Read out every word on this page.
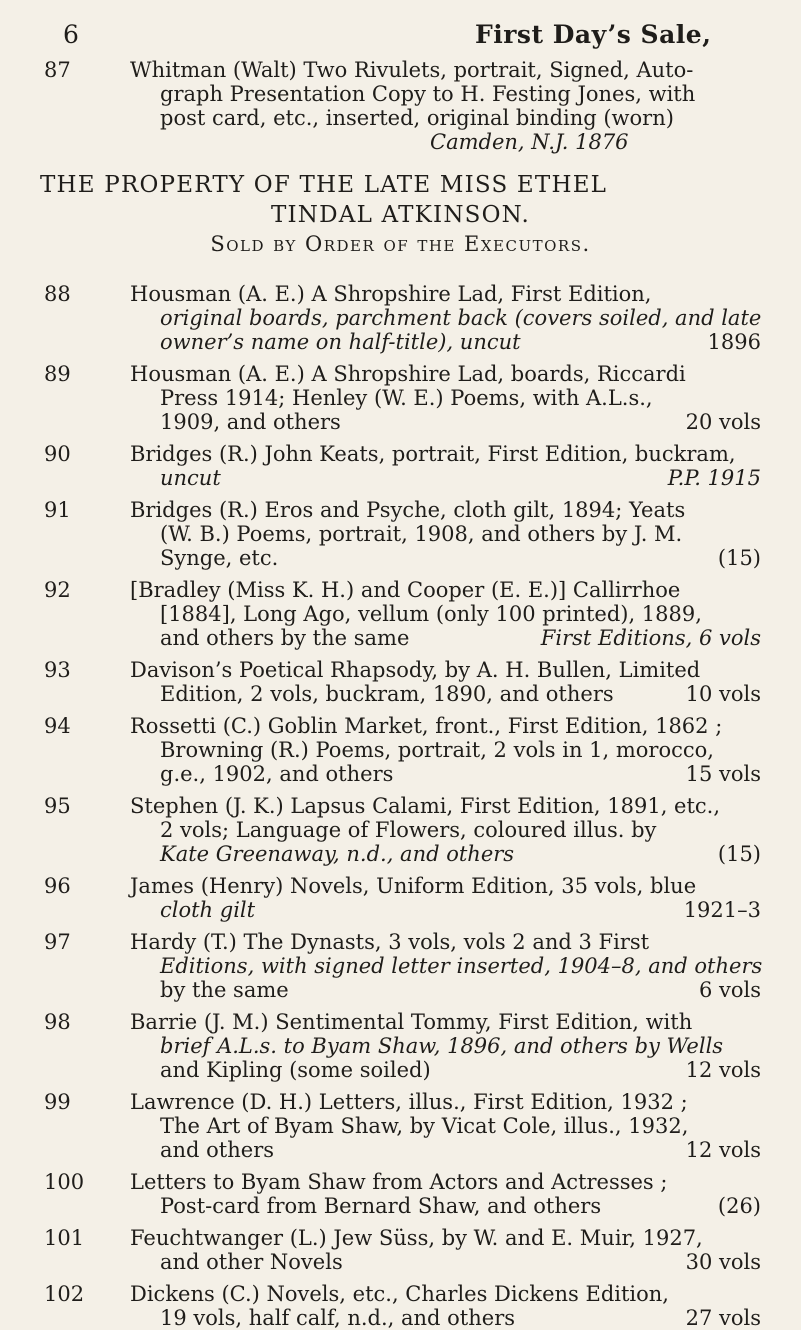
6	First Day’s Sale,
THE PROPERTY OF THE LATE MISS ETHEL
TINDAL ATKINSON.
Sold by Order of the Executors.
87	Whitman (Walt) Two Rivulets, portrait, Signed, Auto-
graph Presentation Copy to H. Festing Jones, with
post card, etc., inserted, original binding (worn)
Camden, N.J. 1876
88	Housman (A. E.) A Shropshire Lad, First Edition,
original boards, parchment back (covers soiled, and late
owner’s name on half-title), uncut	1896
89	Housman (A. E.) A Shropshire Lad, boards, Riccardi
Press 1914; Henley (W. E.) Poems, with A.L.s.,
1909, and others	20 vols
90	Bridges (R.) John Keats, portrait, First Edition, buckram,
uncut	P.P. 1915
91	Bridges (R.) Eros and Psyche, cloth gilt, 1894; Yeats
(W. B.) Poems, portrait, 1908, and others by J. M.
Synge, etc.	(15)
92	[Bradley (Miss K. H.) and Cooper (E. E.)] Callirrhoe
[1884], Long Ago, vellum (only 100 printed), 1889,
and others by the same	First Editions, 6 vols
93	Davison’s Poetical Rhapsody, by A. H. Bullen, Limited
Edition, 2 vols, buckram, 1890, and others	10 vols
94	Rossetti (C.) Goblin Market, front., First Edition, 1862 ;
Browning (R.) Poems, portrait, 2 vols in 1, morocco,
g.e., 1902, and others	15 vols
95	Stephen (J. K.) Lapsus Calami, First Edition, 1891, etc.,
2 vols; Language of Flowers, coloured illus. by
Kate Greenaway, n.d., and others	(15)
96	James (Henry) Novels, Uniform Edition, 35 vols, blue
cloth gilt	1921–3
97	Hardy (T.) The Dynasts, 3 vols, vols 2 and 3 First
Editions, with signed letter inserted, 1904–8, and others
by the same	6 vols
98	Barrie (J. M.) Sentimental Tommy, First Edition, with
brief A.L.s. to Byam Shaw, 1896, and others by Wells
and Kipling (some soiled)	12 vols
99	Lawrence (D. H.) Letters, illus., First Edition, 1932 ;
The Art of Byam Shaw, by Vicat Cole, illus., 1932,
and others	12 vols
100	Letters to Byam Shaw from Actors and Actresses ;
Post-card from Bernard Shaw, and others	(26)
101	Feuchtwanger (L.) Jew Süss, by W. and E. Muir, 1927,
and other Novels	30 vols
102	Dickens (C.) Novels, etc., Charles Dickens Edition,
19 vols, half calf, n.d., and others	27 vols
